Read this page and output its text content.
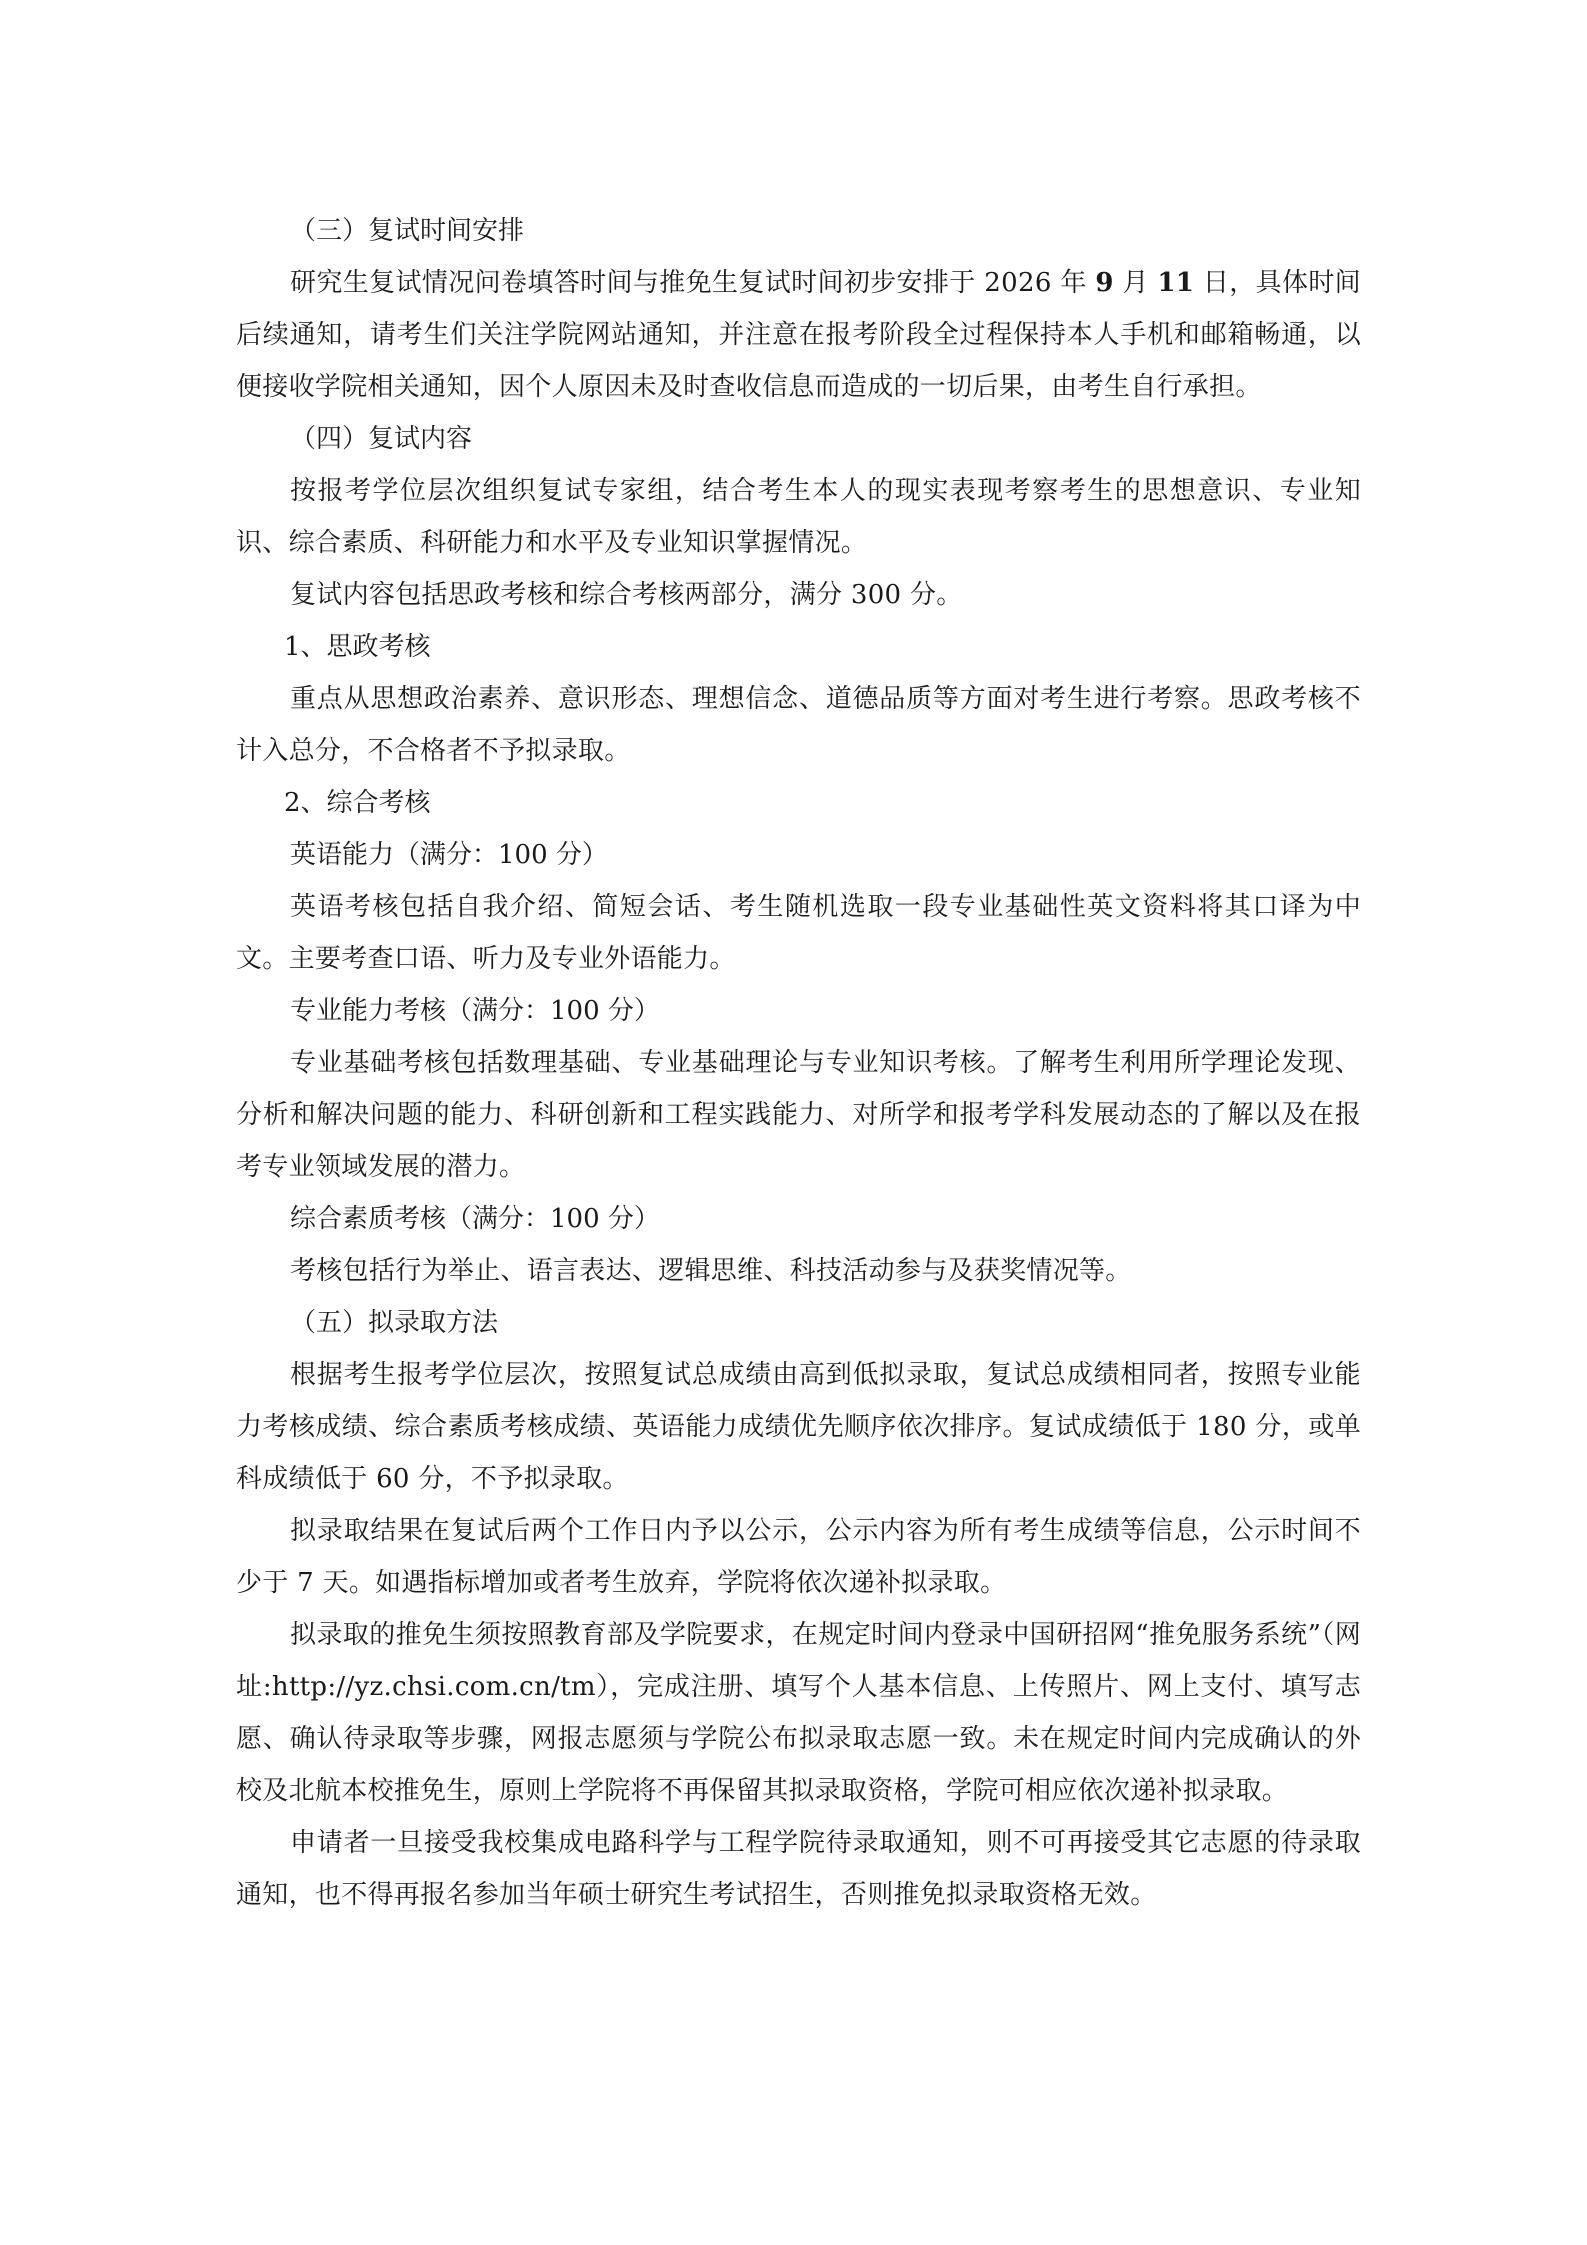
（三）复试时间安排

研究生复试情况问卷填答时间与推免生复试时间初步安排于 2026 年 9 月 11 日，具体时间后续通知，请考生们关注学院网站通知，并注意在报考阶段全过程保持本人手机和邮箱畅通，以便接收学院相关通知，因个人原因未及时查收信息而造成的一切后果，由考生自行承担。

（四）复试内容

按报考学位层次组织复试专家组，结合考生本人的现实表现考察考生的思想意识、专业知识、综合素质、科研能力和水平及专业知识掌握情况。

复试内容包括思政考核和综合考核两部分，满分 300 分。

1、思政考核

重点从思想政治素养、意识形态、理想信念、道德品质等方面对考生进行考察。思政考核不计入总分，不合格者不予拟录取。

2、综合考核

英语能力（满分：100 分）

英语考核包括自我介绍、简短会话、考生随机选取一段专业基础性英文资料将其口译为中文。主要考查口语、听力及专业外语能力。

专业能力考核（满分：100 分）

专业基础考核包括数理基础、专业基础理论与专业知识考核。了解考生利用所学理论发现、分析和解决问题的能力、科研创新和工程实践能力、对所学和报考学科发展动态的了解以及在报考专业领域发展的潜力。

综合素质考核（满分：100 分）

考核包括行为举止、语言表达、逻辑思维、科技活动参与及获奖情况等。

（五）拟录取方法

根据考生报考学位层次，按照复试总成绩由高到低拟录取，复试总成绩相同者，按照专业能力考核成绩、综合素质考核成绩、英语能力成绩优先顺序依次排序。复试成绩低于 180 分，或单科成绩低于 60 分，不予拟录取。

拟录取结果在复试后两个工作日内予以公示，公示内容为所有考生成绩等信息，公示时间不少于 7 天。如遇指标增加或者考生放弃，学院将依次递补拟录取。

拟录取的推免生须按照教育部及学院要求，在规定时间内登录中国研招网“推免服务系统”（网址:http://yz.chsi.com.cn/tm），完成注册、填写个人基本信息、上传照片、网上支付、填写志愿、确认待录取等步骤，网报志愿须与学院公布拟录取志愿一致。未在规定时间内完成确认的外校及北航本校推免生，原则上学院将不再保留其拟录取资格，学院可相应依次递补拟录取。

申请者一旦接受我校集成电路科学与工程学院待录取通知，则不可再接受其它志愿的待录取通知，也不得再报名参加当年硕士研究生考试招生，否则推免拟录取资格无效。
